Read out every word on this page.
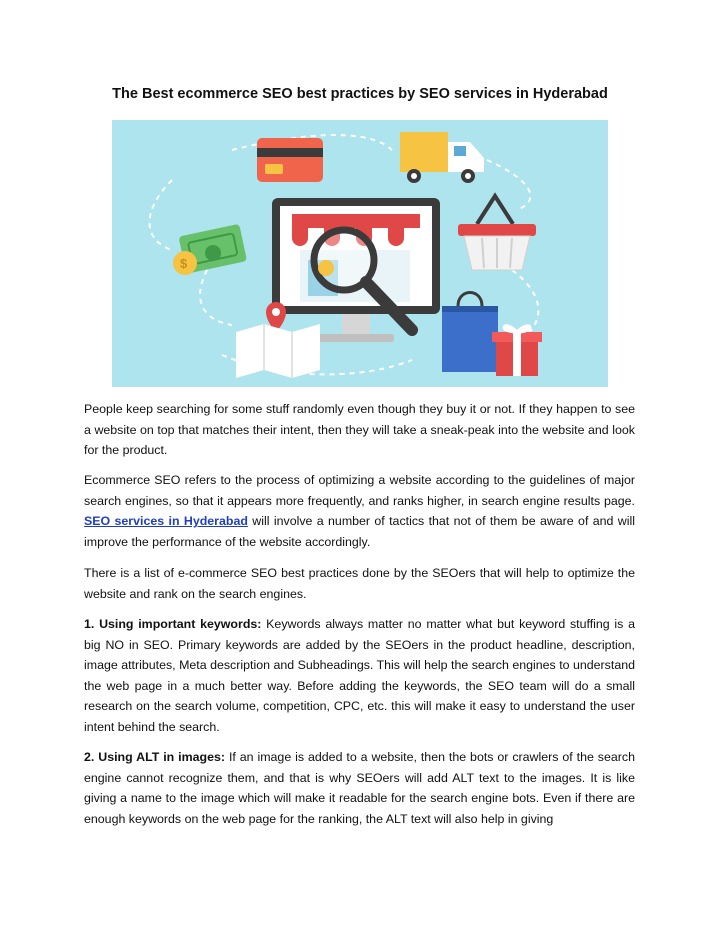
The Best ecommerce SEO best practices by SEO services in Hyderabad
$

People keep searching for some stuff randomly even though they buy it or not. If they happen to see a website on top that matches their intent, then they will take a sneak-peak into the website and look for the product.

Ecommerce SEO refers to the process of optimizing a website according to the guidelines of major search engines, so that it appears more frequently, and ranks higher, in search engine results page. SEO services in Hyderabad will involve a number of tactics that not of them be aware of and will improve the performance of the website accordingly.

There is a list of e-commerce SEO best practices done by the SEOers that will help to optimize the website and rank on the search engines.

1. Using important keywords: Keywords always matter no matter what but keyword stuffing is a big NO in SEO. Primary keywords are added by the SEOers in the product headline, description, image attributes, Meta description and Subheadings. This will help the search engines to understand the web page in a much better way. Before adding the keywords, the SEO team will do a small research on the search volume, competition, CPC, etc. this will make it easy to understand the user intent behind the search.

2. Using ALT in images: If an image is added to a website, then the bots or crawlers of the search engine cannot recognize them, and that is why SEOers will add ALT text to the images. It is like giving a name to the image which will make it readable for the search engine bots. Even if there are enough keywords on the web page for the ranking, the ALT text will also help in giving
